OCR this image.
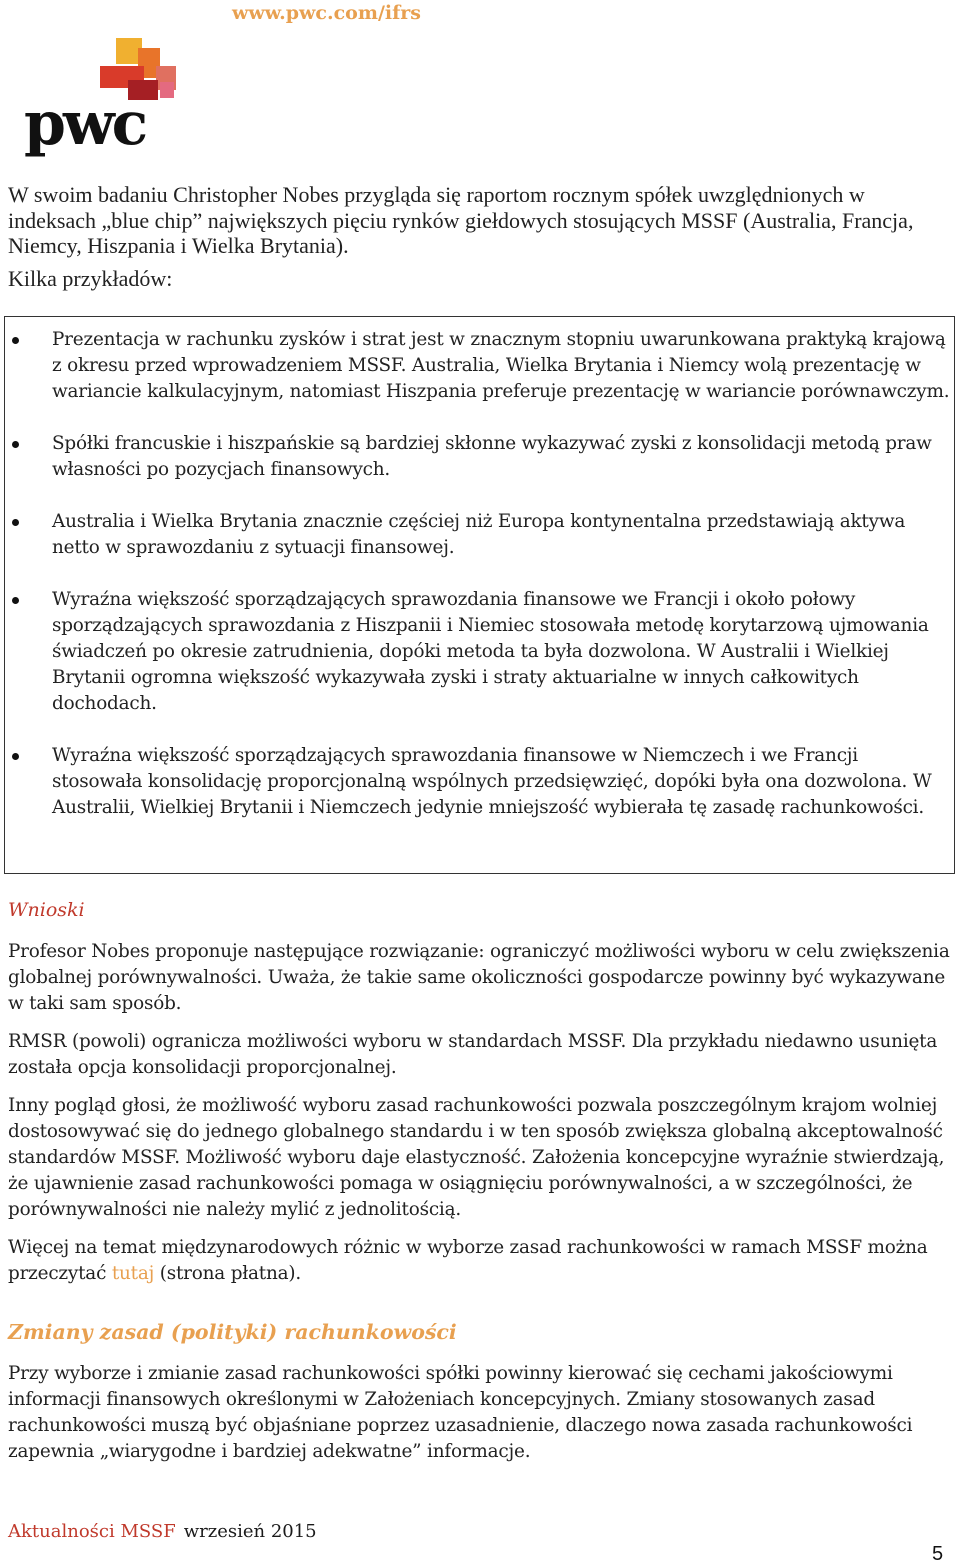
www.pwc.com/ifrs
pwc

W swoim badaniu Christopher Nobes przygląda się raportom rocznym spółek uwzględnionych w indeksach „blue chip” największych pięciu rynków giełdowych stosujących MSSF (Australia, Francja, Niemcy, Hiszpania i Wielka Brytania).

Kilka przykładów:

Prezentacja w rachunku zysków i strat jest w znacznym stopniu uwarunkowana praktyką krajową z okresu przed wprowadzeniem MSSF. Australia, Wielka Brytania i Niemcy wolą prezentację w wariancie kalkulacyjnym, natomiast Hiszpania preferuje prezentację w wariancie porównawczym.
Spółki francuskie i hiszpańskie są bardziej skłonne wykazywać zyski z konsolidacji metodą praw własności po pozycjach finansowych.
Australia i Wielka Brytania znacznie częściej niż Europa kontynentalna przedstawiają aktywa netto w sprawozdaniu z sytuacji finansowej.
Wyraźna większość sporządzających sprawozdania finansowe we Francji i około połowy sporządzających sprawozdania z Hiszpanii i Niemiec stosowała metodę korytarzową ujmowania świadczeń po okresie zatrudnienia, dopóki metoda ta była dozwolona. W Australii i Wielkiej Brytanii ogromna większość wykazywała zyski i straty aktuarialne w innych całkowitych dochodach.
Wyraźna większość sporządzających sprawozdania finansowe w Niemczech i we Francji stosowała konsolidację proporcjonalną wspólnych przedsięwzięć, dopóki była ona dozwolona. W Australii, Wielkiej Brytanii i Niemczech jedynie mniejszość wybierała tę zasadę rachunkowości.
Wnioski

Profesor Nobes proponuje następujące rozwiązanie: ograniczyć możliwości wyboru w celu zwiększenia globalnej porównywalności. Uważa, że takie same okoliczności gospodarcze powinny być wykazywane w taki sam sposób.

RMSR (powoli) ogranicza możliwości wyboru w standardach MSSF. Dla przykładu niedawno usunięta została opcja konsolidacji proporcjonalnej.

Inny pogląd głosi, że możliwość wyboru zasad rachunkowości pozwala poszczególnym krajom wolniej dostosowywać się do jednego globalnego standardu i w ten sposób zwiększa globalną akceptowalność standardów MSSF. Możliwość wyboru daje elastyczność. Założenia koncepcyjne wyraźnie stwierdzają, że ujawnienie zasad rachunkowości pomaga w osiągnięciu porównywalności, a w szczególności, że porównywalności nie należy mylić z jednolitością.

Więcej na temat międzynarodowych różnic w wyborze zasad rachunkowości w ramach MSSF można przeczytać tutaj (strona płatna).

Zmiany zasad (polityki) rachunkowości

Przy wyborze i zmianie zasad rachunkowości spółki powinny kierować się cechami jakościowymi informacji finansowych określonymi w Założeniach koncepcyjnych. Zmiany stosowanych zasad rachunkowości muszą być objaśniane poprzez uzasadnienie, dlaczego nowa zasada rachunkowości zapewnia „wiarygodne i bardziej adekwatne” informacje.

Aktualności MSSF wrzesień 2015
5
